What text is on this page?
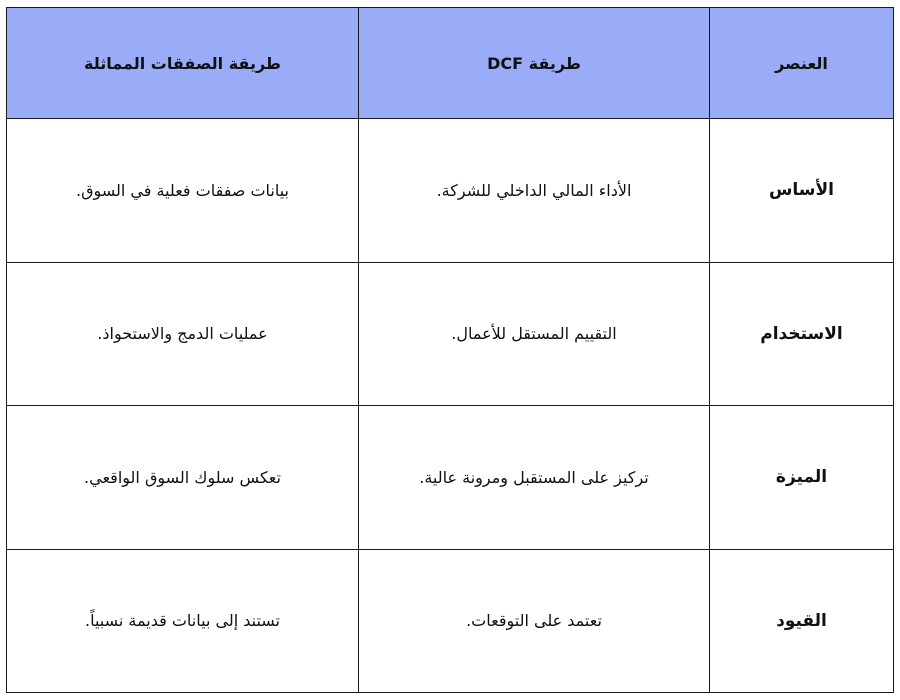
العنصر	طريقة DCF	طريقة الصفقات المماثلة
الأساس	الأداء المالي الداخلي للشركة.	بيانات صفقات فعلية في السوق.
الاستخدام	التقييم المستقل للأعمال.	عمليات الدمج والاستحواذ.
الميزة	تركيز على المستقبل ومرونة عالية.	تعكس سلوك السوق الواقعي.
القيود	تعتمد على التوقعات.	تستند إلى بيانات قديمة نسبياً.
